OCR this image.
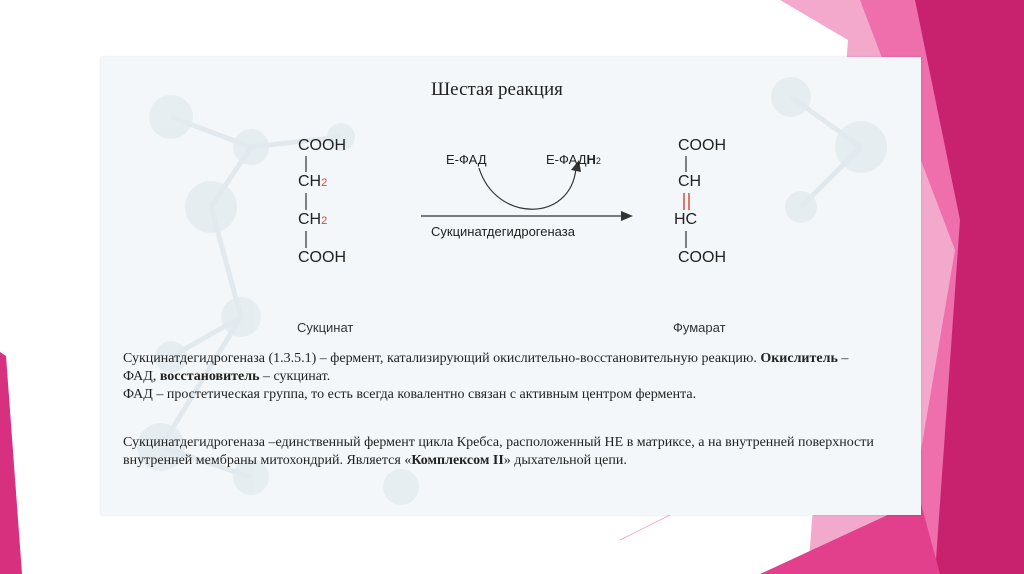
Шестая реакция
COOH
CH2
CH2
COOH
COOH
CH
HC
COOH
Е-ФАД	Е-ФАДH2
Сукцинатдегидрогеназа
Сукцинат	Фумарат

Сукцинатдегидрогеназа (1.3.5.1) – фермент, катализирующий окислительно-восстановительную реакцию. Окислитель – ФАД, восстановитель – сукцинат.

ФАД – простетическая группа, то есть всегда ковалентно связан с активным центром фермента.

Сукцинатдегидрогеназа –единственный фермент цикла Кребса, расположенный НЕ в матриксе, а на внутренней поверхности внутренней мембраны митохондрий. Является «Комплексом II» дыхательной цепи.
